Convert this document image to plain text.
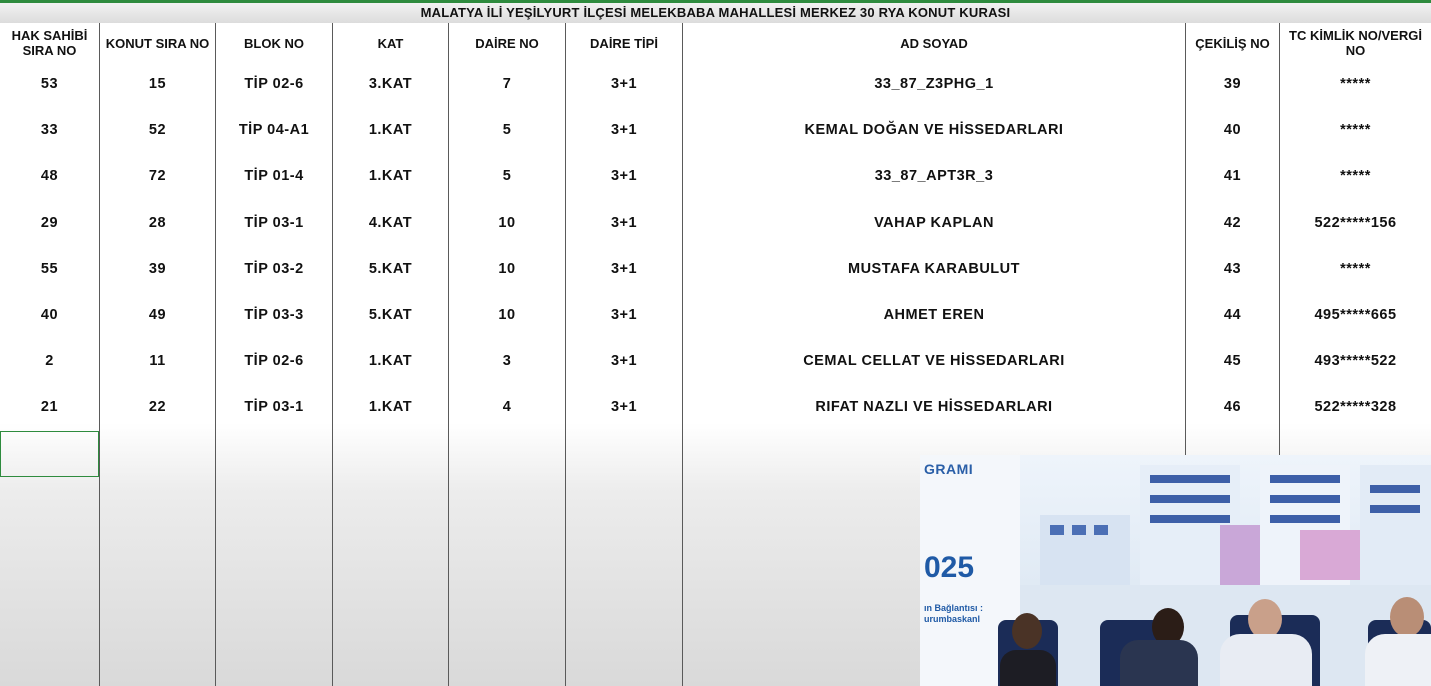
MALATYA İLİ YEŞİLYURT İLÇESİ MELEKBABA MAHALLESİ MERKEZ 30 RYA KONUT KURASI
HAK SAHİBİ SIRA NO	KONUT SIRA NO	BLOK NO	KAT	DAİRE NO	DAİRE TİPİ	AD SOYAD	ÇEKİLİŞ NO	TC KİMLİK NO/VERGİ NO
53	15	TİP 02-6	3.KAT	7	3+1	33_87_Z3PHG_1	39	*****
33	52	TİP 04-A1	1.KAT	5	3+1	KEMAL DOĞAN VE HİSSEDARLARI	40	*****
48	72	TİP 01-4	1.KAT	5	3+1	33_87_APT3R_3	41	*****
29	28	TİP 03-1	4.KAT	10	3+1	VAHAP KAPLAN	42	522*****156
55	39	TİP 03-2	5.KAT	10	3+1	MUSTAFA KARABULUT	43	*****
40	49	TİP 03-3	5.KAT	10	3+1	AHMET EREN	44	495*****665
2	11	TİP 02-6	1.KAT	3	3+1	CEMAL CELLAT VE HİSSEDARLARI	45	493*****522
21	22	TİP 03-1	1.KAT	4	3+1	RIFAT NAZLI VE HİSSEDARLARI	46	522*****328
GRAMI
025
ın Bağlantısı :
urumbaskanl
